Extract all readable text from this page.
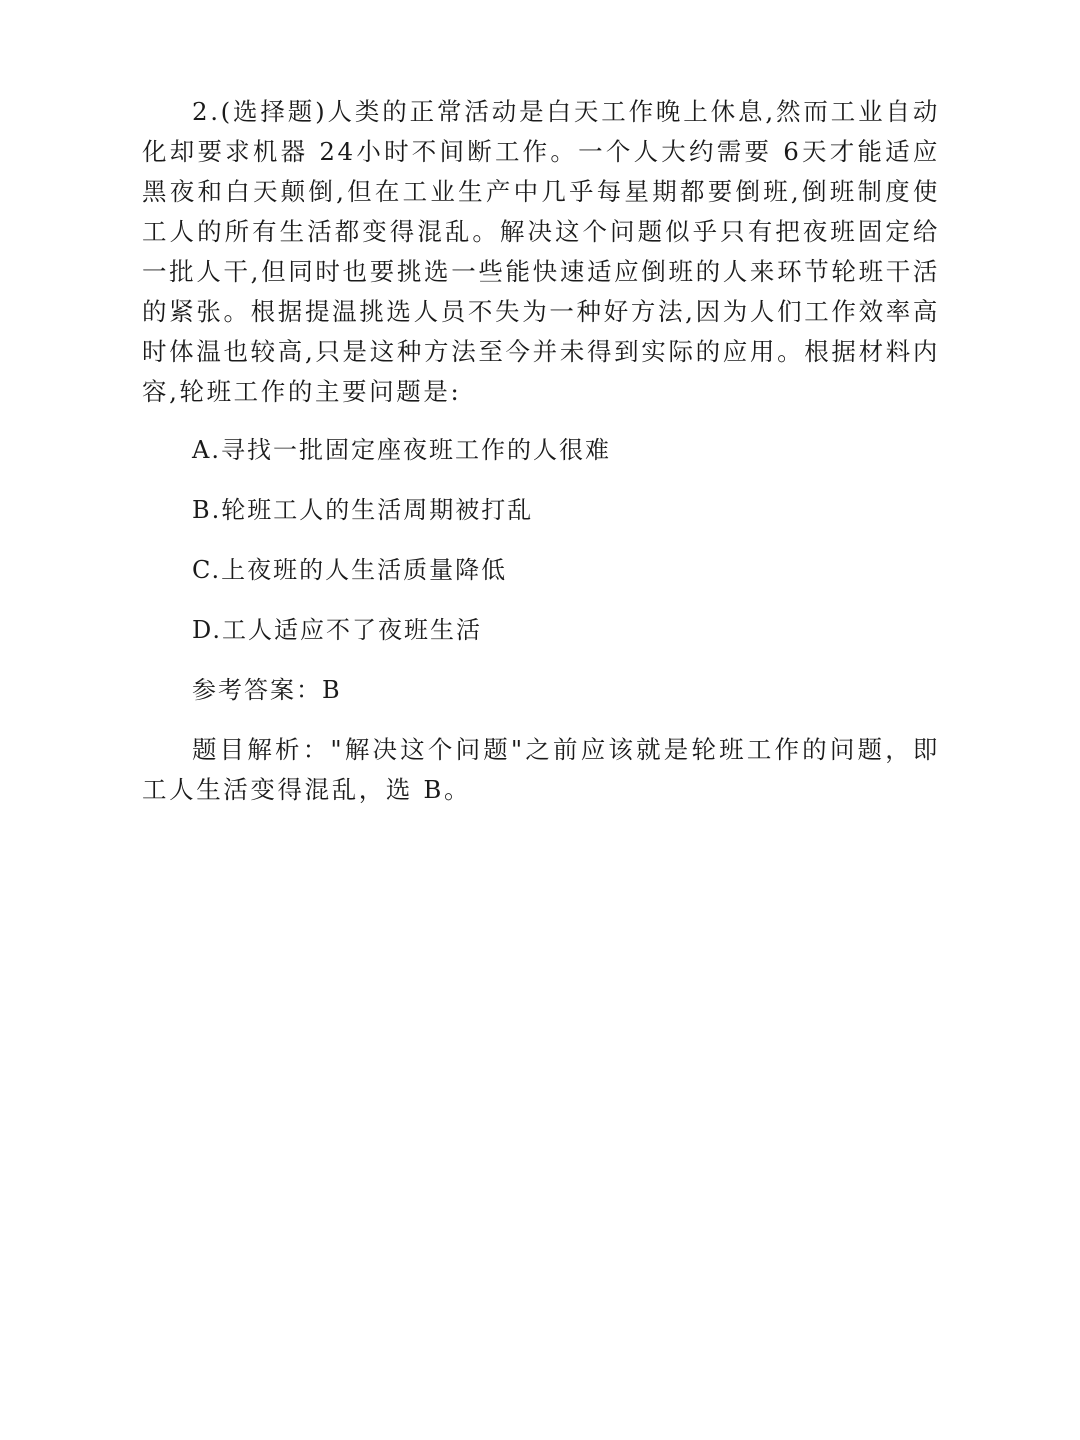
2.(选择题)人类的正常活动是白天工作晚上休息,然而工业自动化却要求机器 24小时不间断工作。一个人大约需要 6天才能适应黑夜和白天颠倒,但在工业生产中几乎每星期都要倒班,倒班制度使工人的所有生活都变得混乱。解决这个问题似乎只有把夜班固定给一批人干,但同时也要挑选一些能快速适应倒班的人来环节轮班干活的紧张。根据提温挑选人员不失为一种好方法,因为人们工作效率高时体温也较高,只是这种方法至今并未得到实际的应用。根据材料内容,轮班工作的主要问题是:

A.寻找一批固定座夜班工作的人很难

B.轮班工人的生活周期被打乱

C.上夜班的人生活质量降低

D.工人适应不了夜班生活

参考答案：B

题目解析："解决这个问题"之前应该就是轮班工作的问题，即工人生活变得混乱，选 B。
